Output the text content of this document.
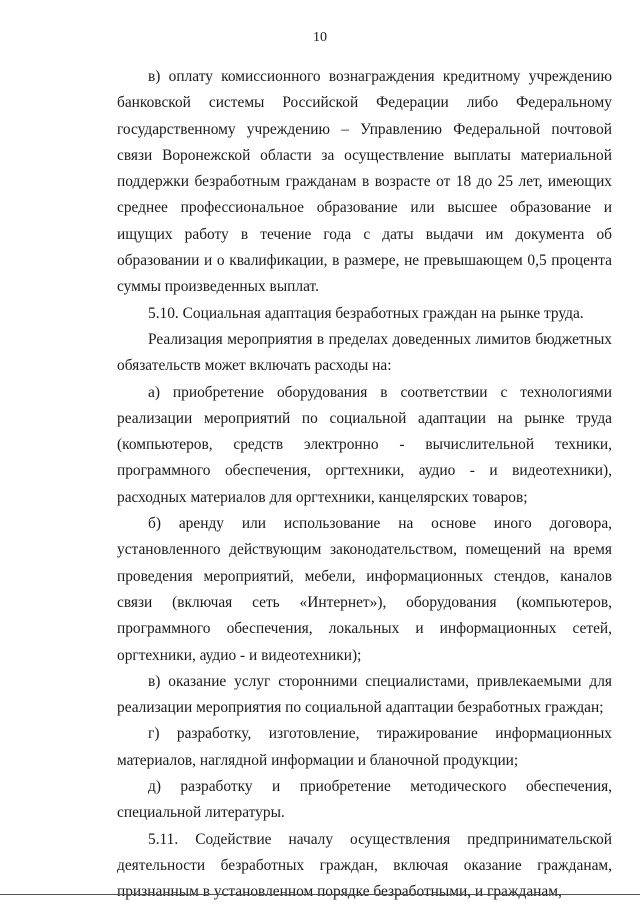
10

в) оплату комиссионного вознаграждения кредитному учреждению банковской системы Российской Федерации либо Федеральному государственному учреждению – Управлению Федеральной почтовой связи Воронежской области за осуществление выплаты материальной поддержки безработным гражданам в возрасте от 18 до 25 лет, имеющих среднее профессиональное образование или высшее образование и ищущих работу в течение года с даты выдачи им документа об образовании и о квалификации, в размере, не превышающем 0,5 процента суммы произведенных выплат.

5.10. Социальная адаптация безработных граждан на рынке труда.

Реализация мероприятия в пределах доведенных лимитов бюджетных обязательств может включать расходы на:

а) приобретение оборудования в соответствии с технологиями реализации мероприятий по социальной адаптации на рынке труда (компьютеров, средств электронно - вычислительной техники, программного обеспечения, оргтехники, аудио - и видеотехники), расходных материалов для оргтехники, канцелярских товаров;

б) аренду или использование на основе иного договора, установленного действующим законодательством, помещений на время проведения мероприятий, мебели, информационных стендов, каналов связи (включая сеть «Интернет»), оборудования (компьютеров, программного обеспечения, локальных и информационных сетей, оргтехники, аудио - и видеотехники);

в) оказание услуг сторонними специалистами, привлекаемыми для реализации мероприятия по социальной адаптации безработных граждан;

г) разработку, изготовление, тиражирование информационных материалов, наглядной информации и бланочной продукции;

д) разработку и приобретение методического обеспечения, специальной литературы.

5.11. Содействие началу осуществления предпринимательской деятельности безработных граждан, включая оказание гражданам, признанным в установленном порядке безработными, и гражданам,
